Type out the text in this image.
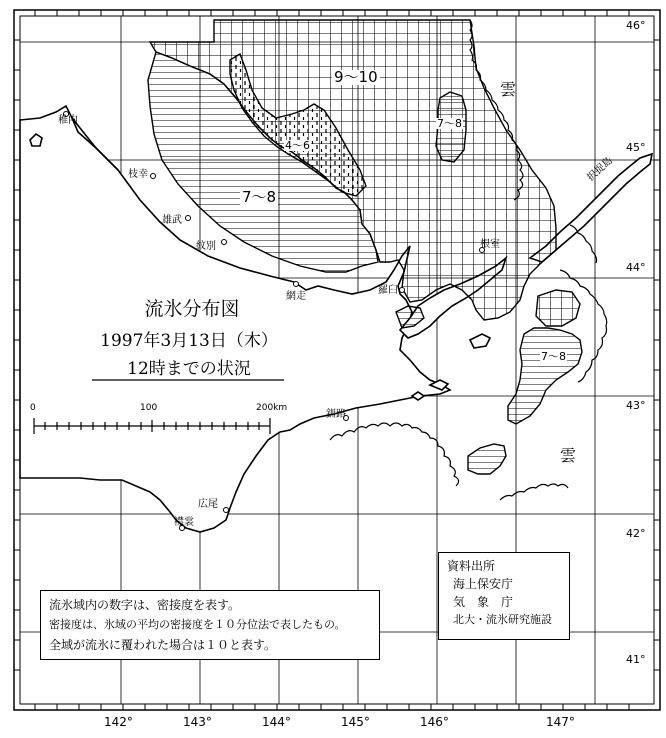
46°
45°
44°
43°
42°
41°
142°	143°	144°	145°	146°	147°
9～10
7～8
7～8
7～8
4～6
雲
雲
稚内
枝幸
雄武
紋別
網走
羅臼
根室
釧路
広尾
襟裳
択捉島
0	100	200km
流氷分布図
1997年3月13日（木）
12時までの状況
流氷域内の数字は、密接度を表す。
密接度は、氷域の平均の密接度を１０分位法で表したもの。
全域が流氷に覆われた場合は１０と表す。
資料出所
海上保安庁
気　象　庁
北大・流氷研究施設
